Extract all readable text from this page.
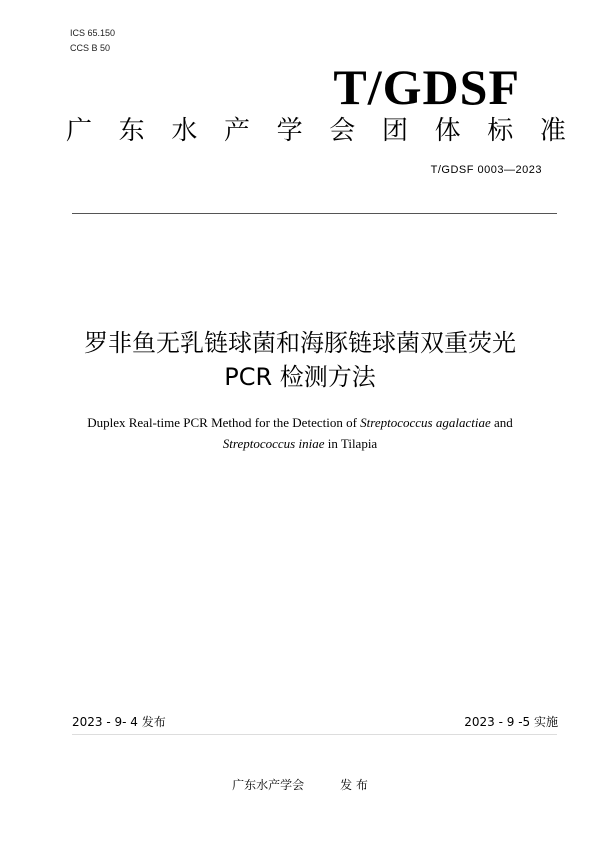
ICS 65.150
CCS B 50
T/GDSF
广 东 水 产 学 会 团 体 标 准
T/GDSF 0003—2023
罗非鱼无乳链球菌和海豚链球菌双重荧光
PCR 检测方法
Duplex Real-time PCR Method for the Detection of Streptococcus agalactiae and
Streptococcus iniae in Tilapia
2023 - 9- 4 发布	2023 - 9 -5 实施
广东水产学会	发 布
